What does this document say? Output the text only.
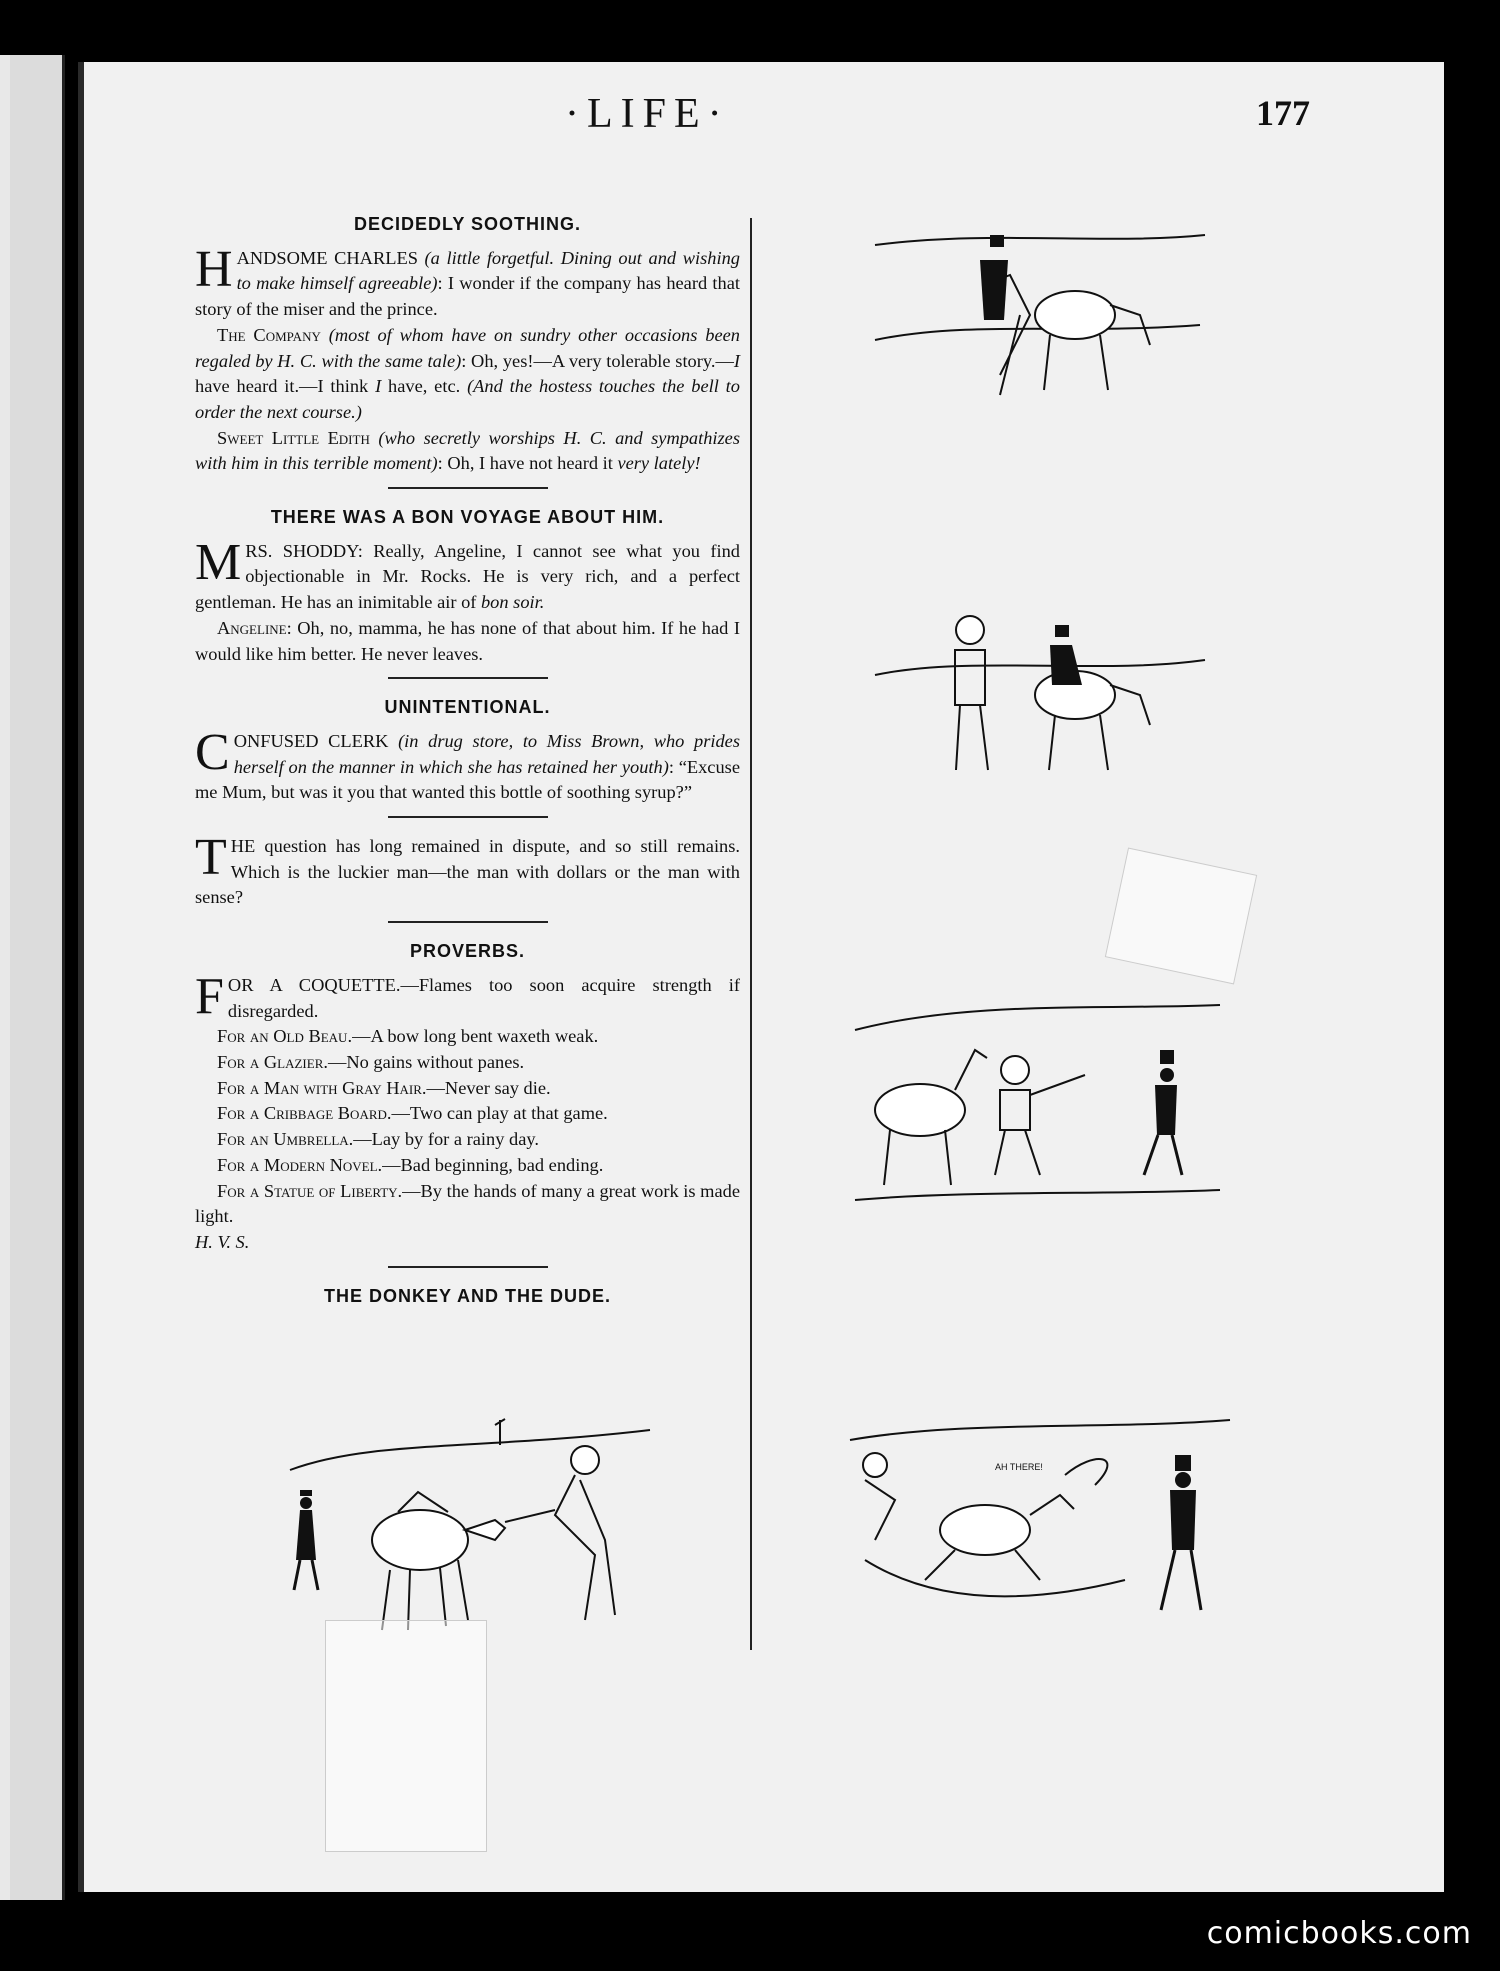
·LIFE·	177
DECIDEDLY SOOTHING.

HANDSOME CHARLES (a little forgetful. Dining out and wishing to make himself agreeable): I wonder if the company has heard that story of the miser and the prince.

The Company (most of whom have on sundry other occasions been regaled by H. C. with the same tale): Oh, yes!—A very tolerable story.—I have heard it.—I think I have, etc. (And the hostess touches the bell to order the next course.)

Sweet Little Edith (who secretly worships H. C. and sympathizes with him in this terrible moment): Oh, I have not heard it very lately!

THERE WAS A BON VOYAGE ABOUT HIM.

MRS. SHODDY: Really, Angeline, I cannot see what you find objectionable in Mr. Rocks. He is very rich, and a perfect gentleman. He has an inimitable air of bon soir.

Angeline: Oh, no, mamma, he has none of that about him. If he had I would like him better. He never leaves.

UNINTENTIONAL.

CONFUSED CLERK (in drug store, to Miss Brown, who prides herself on the manner in which she has retained her youth): “Excuse me Mum, but was it you that wanted this bottle of soothing syrup?”

THE question has long remained in dispute, and so still remains. Which is the luckier man—the man with dollars or the man with sense?

PROVERBS.

FOR A COQUETTE.—Flames too soon acquire strength if disregarded.

For an Old Beau.—A bow long bent waxeth weak.

For a Glazier.—No gains without panes.

For a Man with Gray Hair.—Never say die.

For a Cribbage Board.—Two can play at that game.

For an Umbrella.—Lay by for a rainy day.

For a Modern Novel.—Bad beginning, bad ending.

For a Statue of Liberty.—By the hands of many a great work is made light.

H. V. S.

THE DONKEY AND THE DUDE.
AH THERE!
comicbooks.com
